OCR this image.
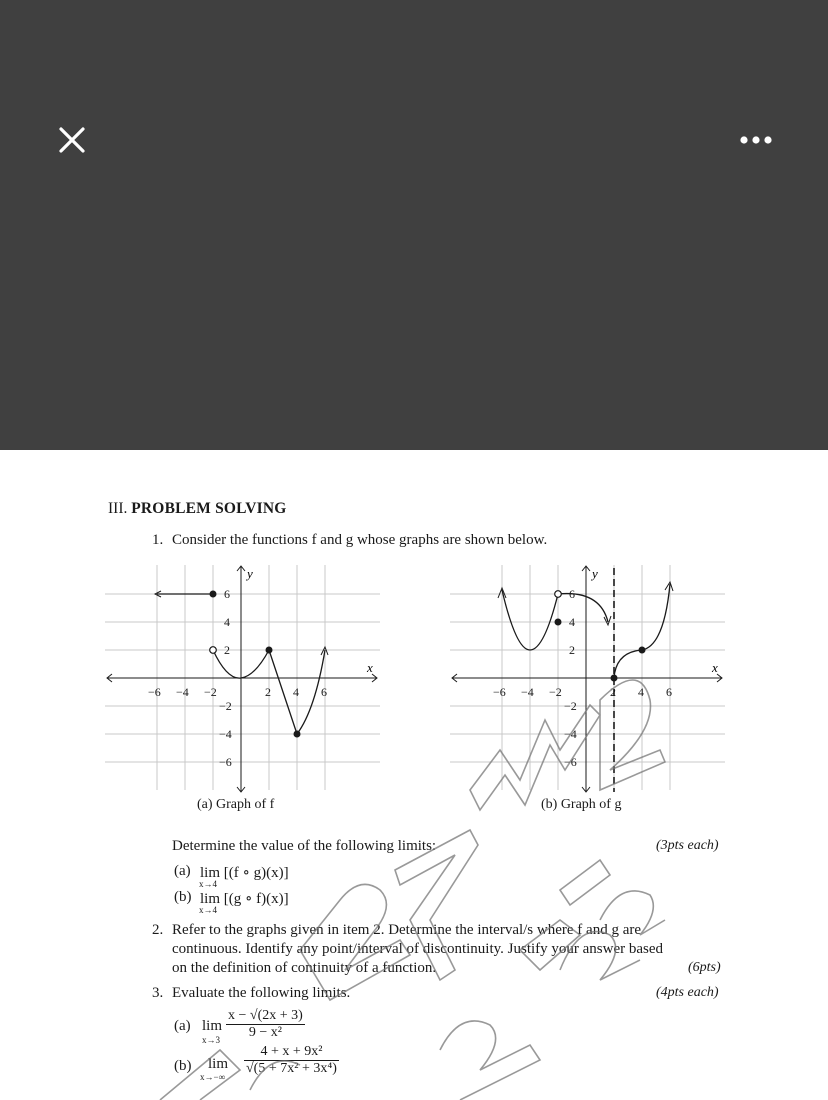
III. PROBLEM SOLVING
1. Consider the functions f and g whose graphs are shown below.
x
y
−6 −4 −2	2 4 6
6
4
2
−2
−4
−6
(a) Graph of f
x
y
−6 −4 −2	2 4 6
6
4
2
−2
−4
−6
(b) Graph of g
Determine the value of the following limits:	(3pts each)
(a) lim [(f ∘ g)(x)]
x→4
(b) lim [(g ∘ f)(x)]
x→4
2. Refer to the graphs given in item 2. Determine the interval/s where f and g are
continuous. Identify any point/interval of discontinuity. Justify your answer based
on the definition of continuity of a function.	(6pts)
3. Evaluate the following limits.	(4pts each)
(a) lim
$x\to 3 \frac{x - √(2x + 3)}{\text{9 − x²}}$
(b) lim
$x\to-\infty \frac{\text{4 + x + 9x²}}{\text{√(5 + 7x² + 3x⁴)}}$
